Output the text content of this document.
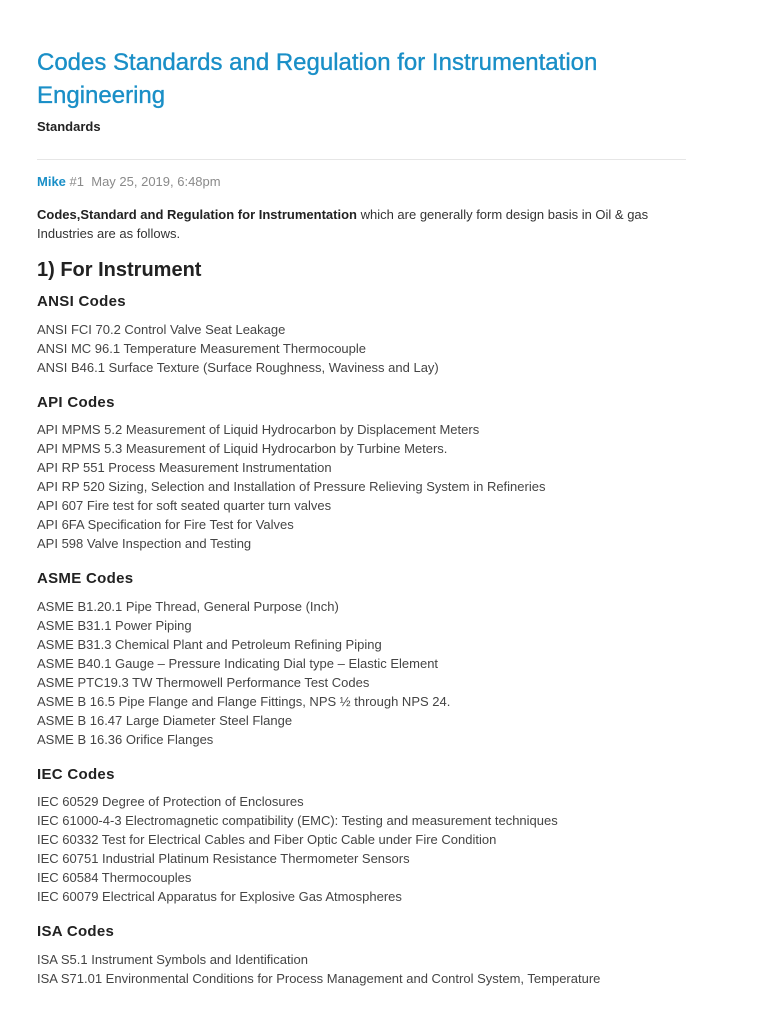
Codes Standards and Regulation for Instrumentation
Engineering
Standards
Mike #1 May 25, 2019, 6:48pm

Codes,Standard and Regulation for Instrumentation which are generally form design basis in Oil & gas Industries are as follows.

1) For Instrument
ANSI Codes
ANSI FCI 70.2 Control Valve Seat Leakage
ANSI MC 96.1 Temperature Measurement Thermocouple
ANSI B46.1 Surface Texture (Surface Roughness, Waviness and Lay)
API Codes
API MPMS 5.2 Measurement of Liquid Hydrocarbon by Displacement Meters
API MPMS 5.3 Measurement of Liquid Hydrocarbon by Turbine Meters.
API RP 551 Process Measurement Instrumentation
API RP 520 Sizing, Selection and Installation of Pressure Relieving System in Refineries
API 607 Fire test for soft seated quarter turn valves
API 6FA Specification for Fire Test for Valves
API 598 Valve Inspection and Testing
ASME Codes
ASME B1.20.1 Pipe Thread, General Purpose (Inch)
ASME B31.1 Power Piping
ASME B31.3 Chemical Plant and Petroleum Refining Piping
ASME B40.1 Gauge – Pressure Indicating Dial type – Elastic Element
ASME PTC19.3 TW Thermowell Performance Test Codes
ASME B 16.5 Pipe Flange and Flange Fittings, NPS ½ through NPS 24.
ASME B 16.47 Large Diameter Steel Flange
ASME B 16.36 Orifice Flanges
IEC Codes
IEC 60529 Degree of Protection of Enclosures
IEC 61000-4-3 Electromagnetic compatibility (EMC): Testing and measurement techniques
IEC 60332 Test for Electrical Cables and Fiber Optic Cable under Fire Condition
IEC 60751 Industrial Platinum Resistance Thermometer Sensors
IEC 60584 Thermocouples
IEC 60079 Electrical Apparatus for Explosive Gas Atmospheres
ISA Codes
ISA S5.1 Instrument Symbols and Identification
ISA S71.01 Environmental Conditions for Process Management and Control System, Temperature
